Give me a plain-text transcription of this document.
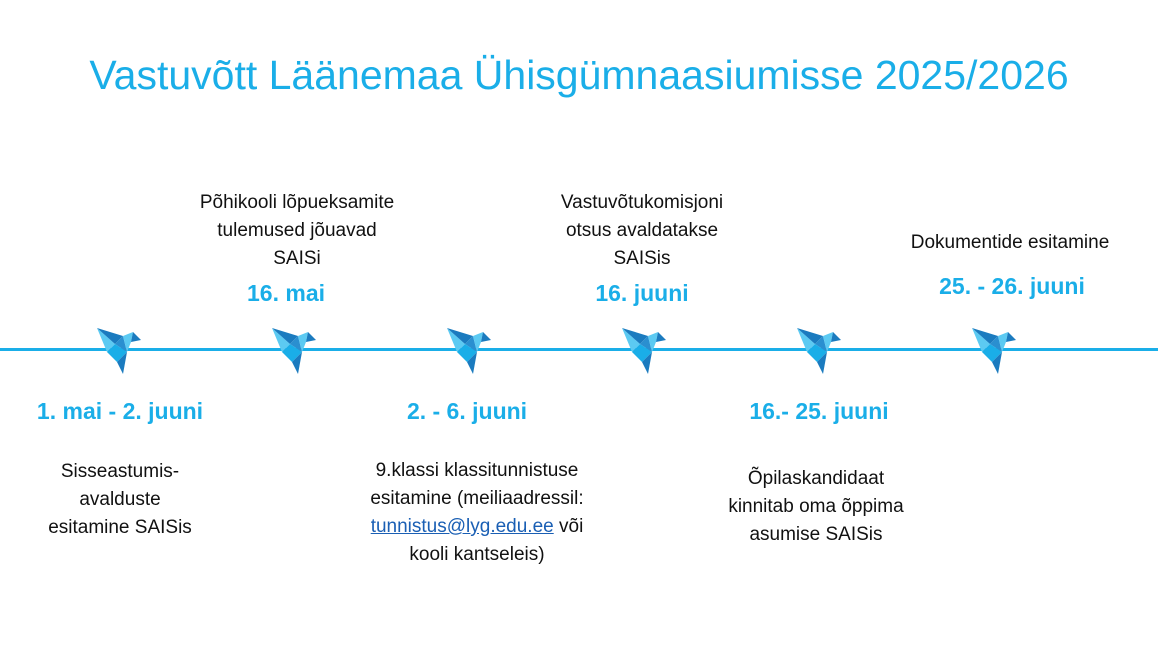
Vastuvõtt Läänemaa Ühisgümnaasiumisse 2025/2026
1. mai - 2. juuni
Sisseastumis-
avalduste
esitamine SAISis
Põhikooli lõpueksamite
tulemused jõuavad
SAISi
16. mai
2. - 6. juuni
9.klassi klassitunnistuse
esitamine (meiliaadressil:
tunnistus@lyg.edu.ee või
kooli kantseleis)
Vastuvõtukomisjoni
otsus avaldatakse
SAISis
16. juuni
16.- 25. juuni
Õpilaskandidaat
kinnitab oma õppima
asumise SAISis
Dokumentide esitamine
25. - 26. juuni
